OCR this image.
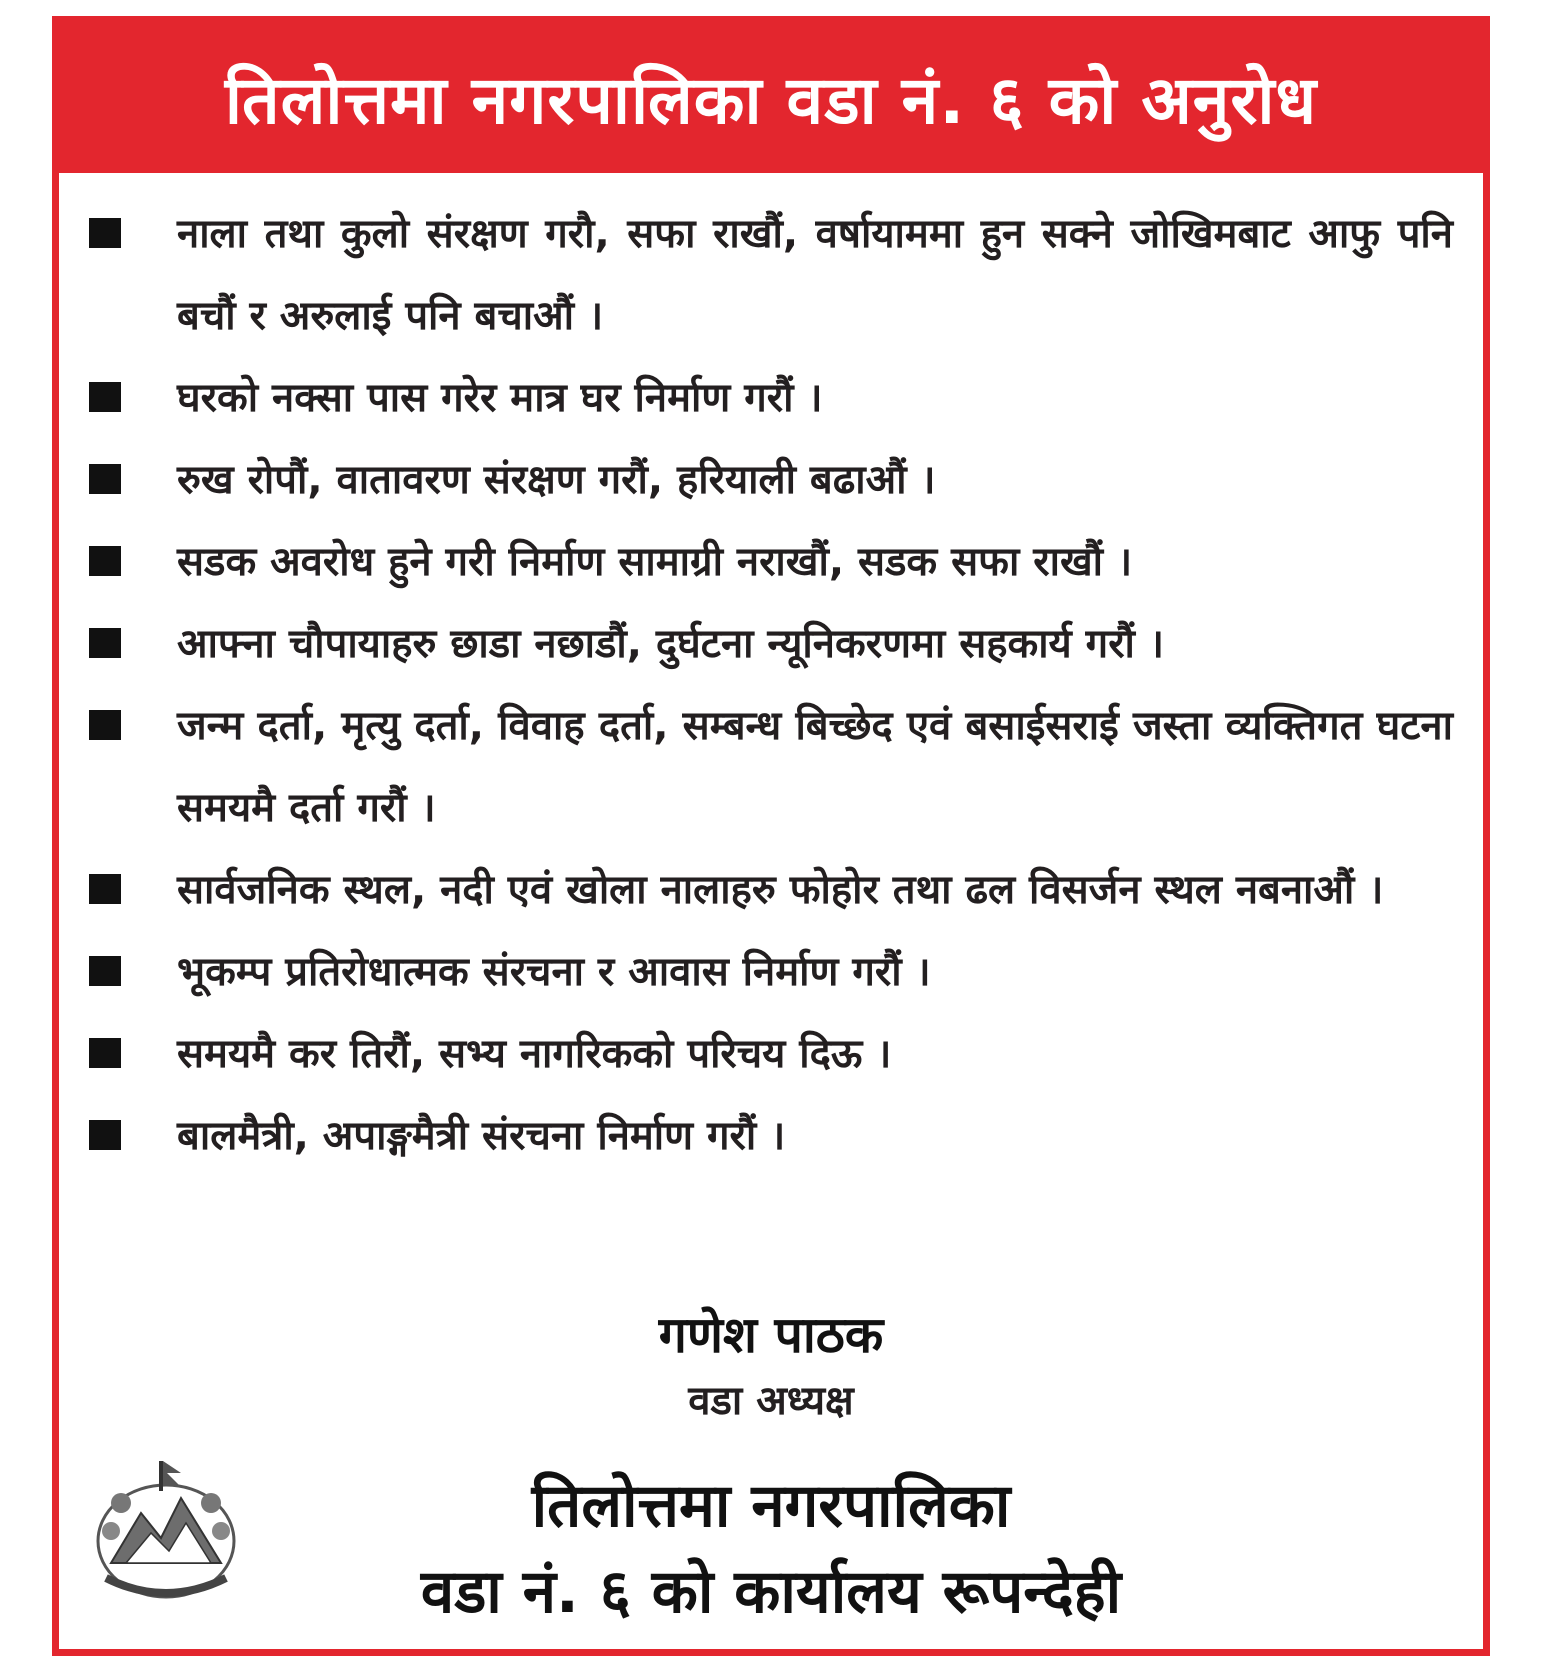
तिलोत्तमा नगरपालिका वडा नं. ६ को अनुरोध
नाला तथा कुलो संरक्षण गरौ, सफा राखौं, वर्षायाममा हुन सक्ने जोखिमबाट आफु पनि बचौं र अरुलाई पनि बचाऔं ।
घरको नक्सा पास गरेर मात्र घर निर्माण गरौं ।
रुख रोपौं, वातावरण संरक्षण गरौं, हरियाली बढाऔं ।
सडक अवरोध हुने गरी निर्माण सामाग्री नराखौं, सडक सफा राखौं ।
आफ्ना चौपायाहरु छाडा नछाडौं, दुर्घटना न्यूनिकरणमा सहकार्य गरौं ।
जन्म दर्ता, मृत्यु दर्ता, विवाह दर्ता, सम्बन्ध बिच्छेद एवं बसाईसराई जस्ता व्यक्तिगत घटना समयमै दर्ता गरौं ।
सार्वजनिक स्थल, नदी एवं खोला नालाहरु फोहोर तथा ढल विसर्जन स्थल नबनाऔं ।
भूकम्प प्रतिरोधात्मक संरचना र आवास निर्माण गरौं ।
समयमै कर तिरौं, सभ्य नागरिकको परिचय दिऊ ।
बालमैत्री, अपाङ्गमैत्री संरचना निर्माण गरौं ।

गणेश पाठक

वडा अध्यक्ष

तिलोत्तमा नगरपालिका

वडा नं. ६ को कार्यालय रूपन्देही
